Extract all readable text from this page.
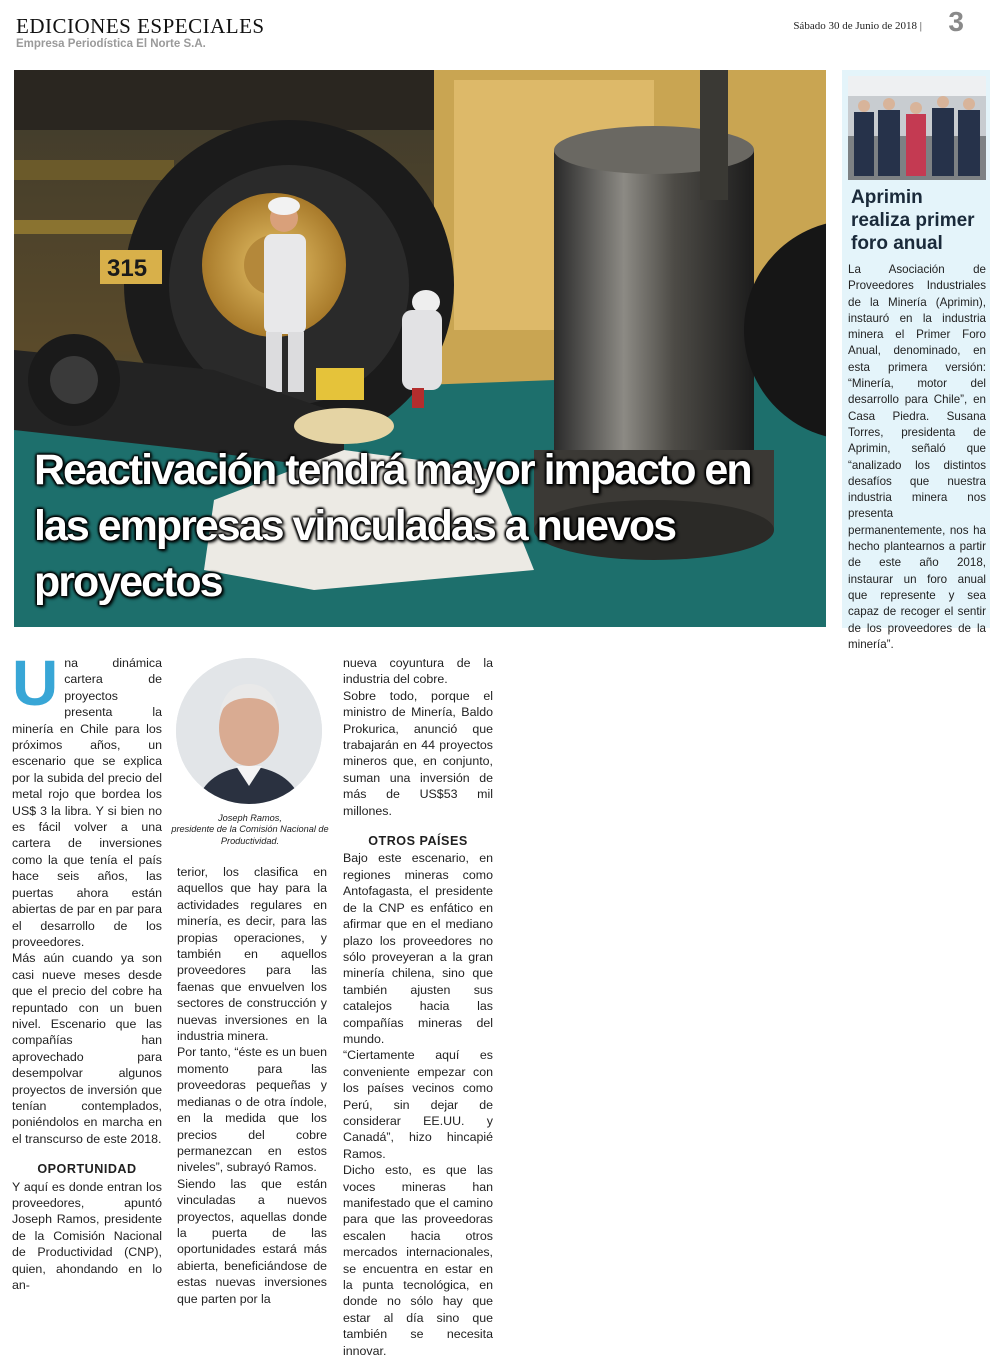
EDICIONES ESPECIALES
Empresa Periodística El Norte S.A.
Sábado 30 de Junio de 2018 | 3
315
Reactivación tendrá mayor impacto en las empresas vinculadas a nuevos proyectos
Aprimin realiza primer foro anual
La Asociación de Proveedores Industriales de la Minería (Aprimin), instauró en la industria minera el Primer Foro Anual, denominado, en esta primera versión: “Minería, motor del desarrollo para Chile”, en Casa Piedra. Susana Torres, presidenta de Aprimin, señaló que “analizado los distintos desafíos que nuestra industria minera nos presenta permanentemente, nos ha hecho plantearnos a partir de este año 2018, instaurar un foro anual que represente y sea capaz de recoger el sentir de los proveedores de la minería”.

Una dinámica cartera de proyectos presenta la minería en Chile para los próximos años, un escenario que se explica por la subida del precio del metal rojo que bordea los US$ 3 la libra. Y si bien no es fácil volver a una cartera de inversiones como la que tenía el país hace seis años, las puertas ahora están abiertas de par en par para el desarrollo de los proveedores.

Más aún cuando ya son casi nueve meses desde que el precio del cobre ha repuntado con un buen nivel. Escenario que las compañías han aprovechado para desempolvar algunos proyectos de inversión que tenían contemplados, poniéndolos en marcha en el transcurso de este 2018.

OPORTUNIDAD

Y aquí es donde entran los proveedores, apuntó Joseph Ramos, presidente de la Comisión Nacional de Productividad (CNP), quien, ahondando en lo an-

Joseph Ramos,
presidente de la Comisión Nacional de Productividad.

terior, los clasifica en aquellos que hay para la actividades regulares en minería, es decir, para las propias operaciones, y también en aquellos proveedores para las faenas que envuelven los sectores de construcción y nuevas inversiones en la industria minera.

Por tanto, “éste es un buen momento para las proveedoras pequeñas y medianas o de otra índole, en la medida que los precios del cobre permanezcan en estos niveles”, subrayó Ramos.

Siendo las que están vinculadas a nuevos proyectos, aquellas donde la puerta de las oportunidades estará más abierta, beneficiándose de estas nuevas inversiones que parten por la

nueva coyuntura de la industria del cobre.

Sobre todo, porque el ministro de Minería, Baldo Prokurica, anunció que trabajarán en 44 proyectos mineros que, en conjunto, suman una inversión de más de US$53 mil millones.

OTROS PAÍSES

Bajo este escenario, en regiones mineras como Antofagasta, el presidente de la CNP es enfático en afirmar que en el mediano plazo los proveedores no sólo proveyeran a la gran minería chilena, sino que también ajusten sus catalejos hacia las compañías mineras del mundo.

“Ciertamente aquí es conveniente empezar con los países vecinos como Perú, sin dejar de considerar EE.UU. y Canadá”, hizo hincapié Ramos.

Dicho esto, es que las voces mineras han manifestado que el camino para que las proveedoras escalen hacia otros mercados internacionales, se encuentra en estar en la punta tecnológica, en donde no sólo hay que estar al día sino que también se necesita innovar.
